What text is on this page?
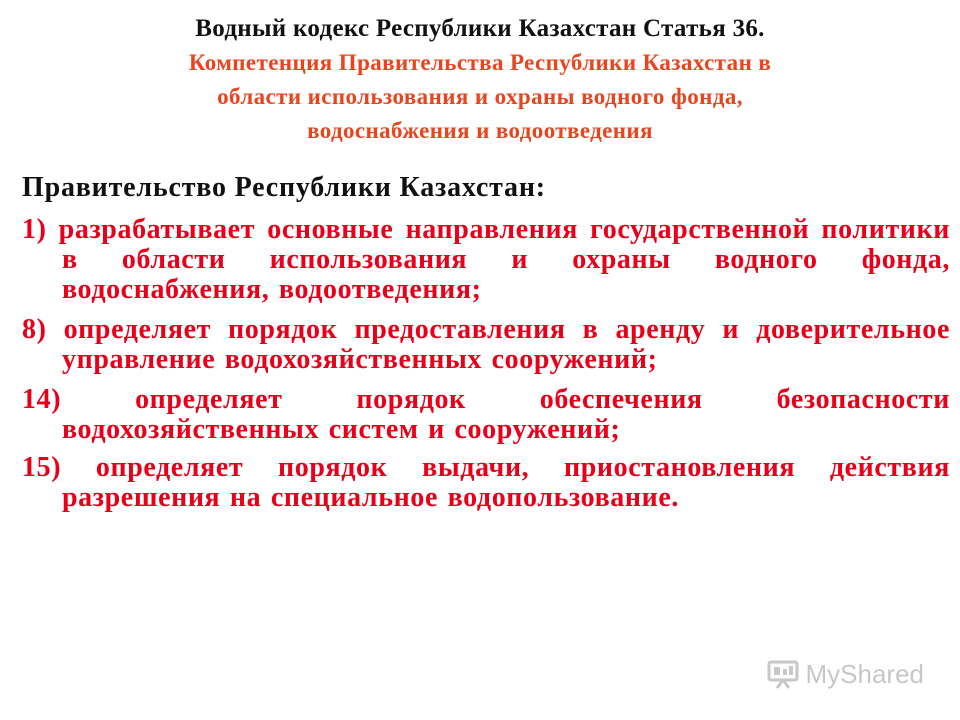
Водный кодекс Республики Казахстан Статья 36.

Компетенция Правительства Республики Казахстан в
области использования и охраны водного фонда,
водоснабжения и водоотведения

Правительство Республики Казахстан:

1) разрабатывает основные направления государственной политики в области использования и охраны водного фонда, водоснабжения, водоотведения;
8) определяет порядок предоставления в аренду и доверительное управление водохозяйственных сооружений;
14) определяет порядок обеспечения безопасности водохозяйственных систем и сооружений;
15) определяет порядок выдачи, приостановления действия разрешения на специальное водопользование.
MyShared
